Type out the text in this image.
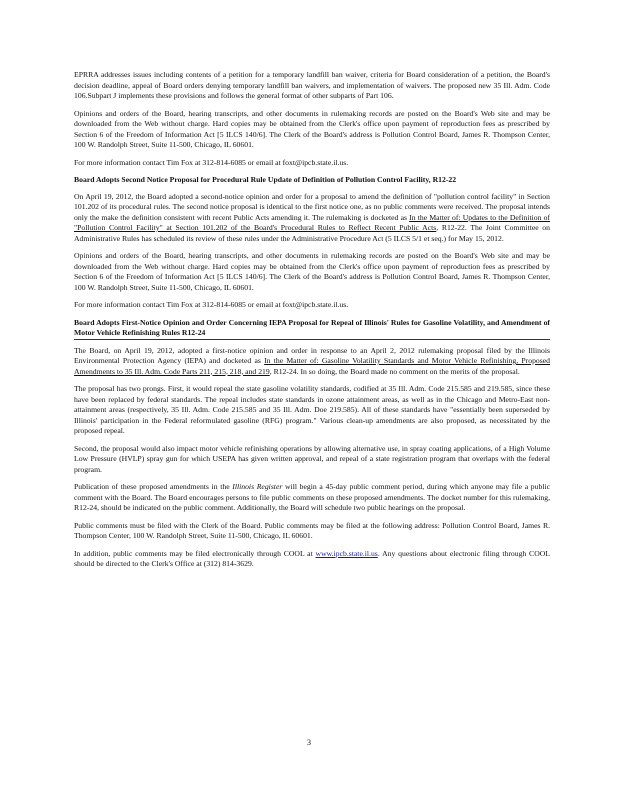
EPRRA addresses issues including contents of a petition for a temporary landfill ban waiver, criteria for Board consideration of a petition, the Board's decision deadline, appeal of Board orders denying temporary landfill ban waivers, and implementation of waivers. The proposed new 35 Ill. Adm. Code 106.Subpart J implements these provisions and follows the general format of other subparts of Part 106.

Opinions and orders of the Board, hearing transcripts, and other documents in rulemaking records are posted on the Board's Web site and may be downloaded from the Web without charge. Hard copies may be obtained from the Clerk's office upon payment of reproduction fees as prescribed by Section 6 of the Freedom of Information Act [5 ILCS 140/6]. The Clerk of the Board's address is Pollution Control Board, James R. Thompson Center, 100 W. Randolph Street, Suite 11-500, Chicago, IL 60601.

For more information contact Tim Fox at 312-814-6085 or email at foxt@ipcb.state.il.us.

Board Adopts Second Notice Proposal for Procedural Rule Update of Definition of Pollution Control Facility, R12-22

On April 19, 2012, the Board adopted a second-notice opinion and order for a proposal to amend the definition of "pollution control facility" in Section 101.202 of its procedural rules. The second notice proposal is identical to the first notice one, as no public comments were received. The proposal intends only the make the definition consistent with recent Public Acts amending it. The rulemaking is docketed as In the Matter of: Updates to the Definition of "Pollution Control Facility" at Section 101.202 of the Board's Procedural Rules to Reflect Recent Public Acts, R12-22. The Joint Committee on Administrative Rules has scheduled its review of these rules under the Administrative Procedure Act (5 ILCS 5/1 et seq.) for May 15, 2012.

Opinions and orders of the Board, hearing transcripts, and other documents in rulemaking records are posted on the Board's Web site and may be downloaded from the Web without charge. Hard copies may be obtained from the Clerk's office upon payment of reproduction fees as prescribed by Section 6 of the Freedom of Information Act [5 ILCS 140/6]. The Clerk of the Board's address is Pollution Control Board, James R. Thompson Center, 100 W. Randolph Street, Suite 11-500, Chicago, IL 60601.

For more information contact Tim Fox at 312-814-6085 or email at foxt@ipcb.state.il.us.

Board Adopts First-Notice Opinion and Order Concerning IEPA Proposal for Repeal of Illinois' Rules for Gasoline Volatility, and Amendment of Motor Vehicle Refinishing Rules R12-24

The Board, on April 19, 2012, adopted a first-notice opinion and order in response to an April 2, 2012 rulemaking proposal filed by the Illinois Environmental Protection Agency (IEPA) and docketed as In the Matter of: Gasoline Volatility Standards and Motor Vehicle Refinishing, Proposed Amendments to 35 Ill. Adm. Code Parts 211, 215, 218, and 219, R12-24. In so doing, the Board made no comment on the merits of the proposal.

The proposal has two prongs. First, it would repeal the state gasoline volatility standards, codified at 35 Ill. Adm. Code 215.585 and 219.585, since these have been replaced by federal standards. The repeal includes state standards in ozone attainment areas, as well as in the Chicago and Metro-East non-attainment areas (respectively, 35 Ill. Adm. Code 215.585 and 35 Ill. Adm. Doe 219.585). All of these standards have "essentially been superseded by Illinois' participation in the Federal reformulated gasoline (RFG) program." Various clean-up amendments are also proposed, as necessitated by the proposed repeal.

Second, the proposal would also impact motor vehicle refinishing operations by allowing alternative use, in spray coating applications, of a High Volume Low Pressure (HVLP) spray gun for which USEPA has given written approval, and repeal of a state registration program that overlaps with the federal program.

Publication of these proposed amendments in the Illinois Register will begin a 45-day public comment period, during which anyone may file a public comment with the Board. The Board encourages persons to file public comments on these proposed amendments. The docket number for this rulemaking, R12-24, should be indicated on the public comment. Additionally, the Board will schedule two public hearings on the proposal.

Public comments must be filed with the Clerk of the Board. Public comments may be filed at the following address: Pollution Control Board, James R. Thompson Center, 100 W. Randolph Street, Suite 11-500, Chicago, IL 60601.

In addition, public comments may be filed electronically through COOL at www.ipcb.state.il.us. Any questions about electronic filing through COOL should be directed to the Clerk's Office at (312) 814-3629.

3
